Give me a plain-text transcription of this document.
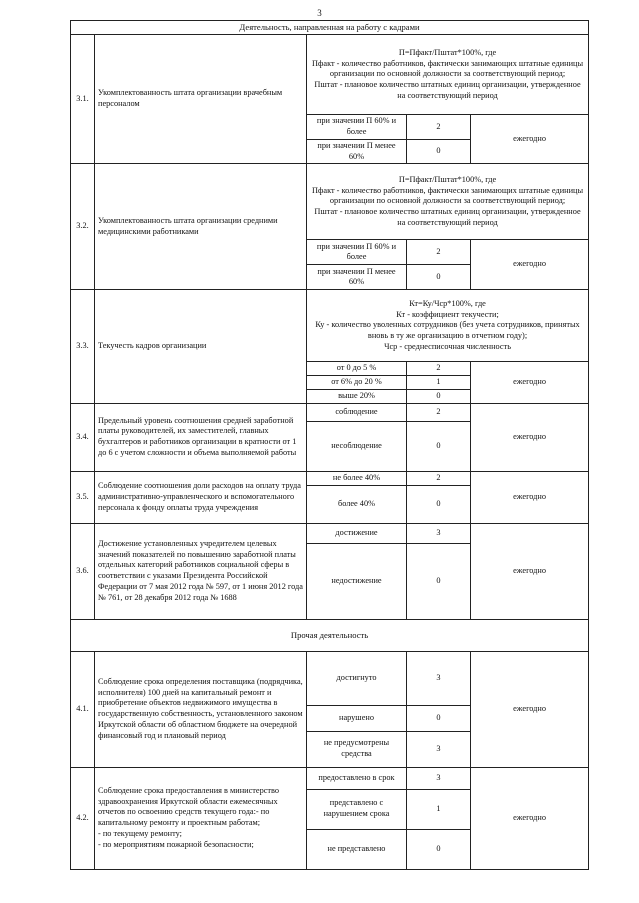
3
Деятельность, направленная на работу с кадрами				
3.1.	Укомплектованность штата организации врачебным персоналом	П=Пфакт/Пштат*100%, где
Пфакт - количество работников, фактически занимающих штатные единицы организации по основной должности за соответствующий период;
Пштат - плановое количество штатных единиц организации, утвержденное на соответствующий период		

		при значении П 60% и более	2	ежегодно
		при значении П менее 60%	0	
3.2.	Укомплектованность штата организации средними медицинскими работниками	П=Пфакт/Пштат*100%, где
Пфакт - количество работников, фактически занимающих штатные единицы организации по основной должности за соответствующий период;
Пштат - плановое количество штатных единиц организации, утвержденное на соответствующий период		

		при значении П 60% и более	2	ежегодно
		при значении П менее 60%	0	
3.3.	Текучесть кадров организации	Кт=Ку/Чср*100%, где
Кт - коэффициент текучести;
Ку - количество уволенных сотрудников (без учета сотрудников, принятых вновь в ту же организацию в отчетном году);
Чср - среднесписочная численность		

		от 0 до 5 %	2	ежегодно
		от 6% до 20 %	1	
		выше 20%	0	
3.4.	Предельный уровень соотношения средней заработной платы руководителей, их заместителей, главных бухгалтеров и работников организации в кратности от 1 до 6 с учетом сложности и объема выполняемой работы	соблюдение	2	ежегодно
		несоблюдение	0	
3.5.	Соблюдение соотношения доли расходов на оплату труда административно-управленческого и вспомогательного персонала к фонду оплаты труда учреждения	не более 40%	2	ежегодно
		более 40%	0	
3.6.	Достижение установленных учредителем целевых значений показателей по повышению заработной платы отдельных категорий работников социальной сферы в соответствии с указами Президента Российской Федерации от 7 мая 2012 года № 597, от 1 июня 2012 года № 761, от 28 декабря 2012 года № 1688	достижение	3	ежегодно
		недостижение	0	
Прочая деятельность				
4.1.	Соблюдение срока определения поставщика (подрядчика, исполнителя) 100 дней на капитальный ремонт и приобретение объектов недвижимого имущества в государственную собственность, установленного законом Иркутской области об областном бюджете на очередной финансовый год и плановый период	достигнуто	3	ежегодно
		нарушено	0	
		не предусмотрены средства	3	
4.2.	Соблюдение срока предоставления в министерство здравоохранения Иркутской области ежемесячных отчетов по освоению средств текущего года:- по капитальному ремонту и проектным работам;
- по текущему ремонту;
- по мероприятиям пожарной безопасности;	предоставлено в срок	3	ежегодно
		представлено с нарушением срока	1	
		не представлено	0	
